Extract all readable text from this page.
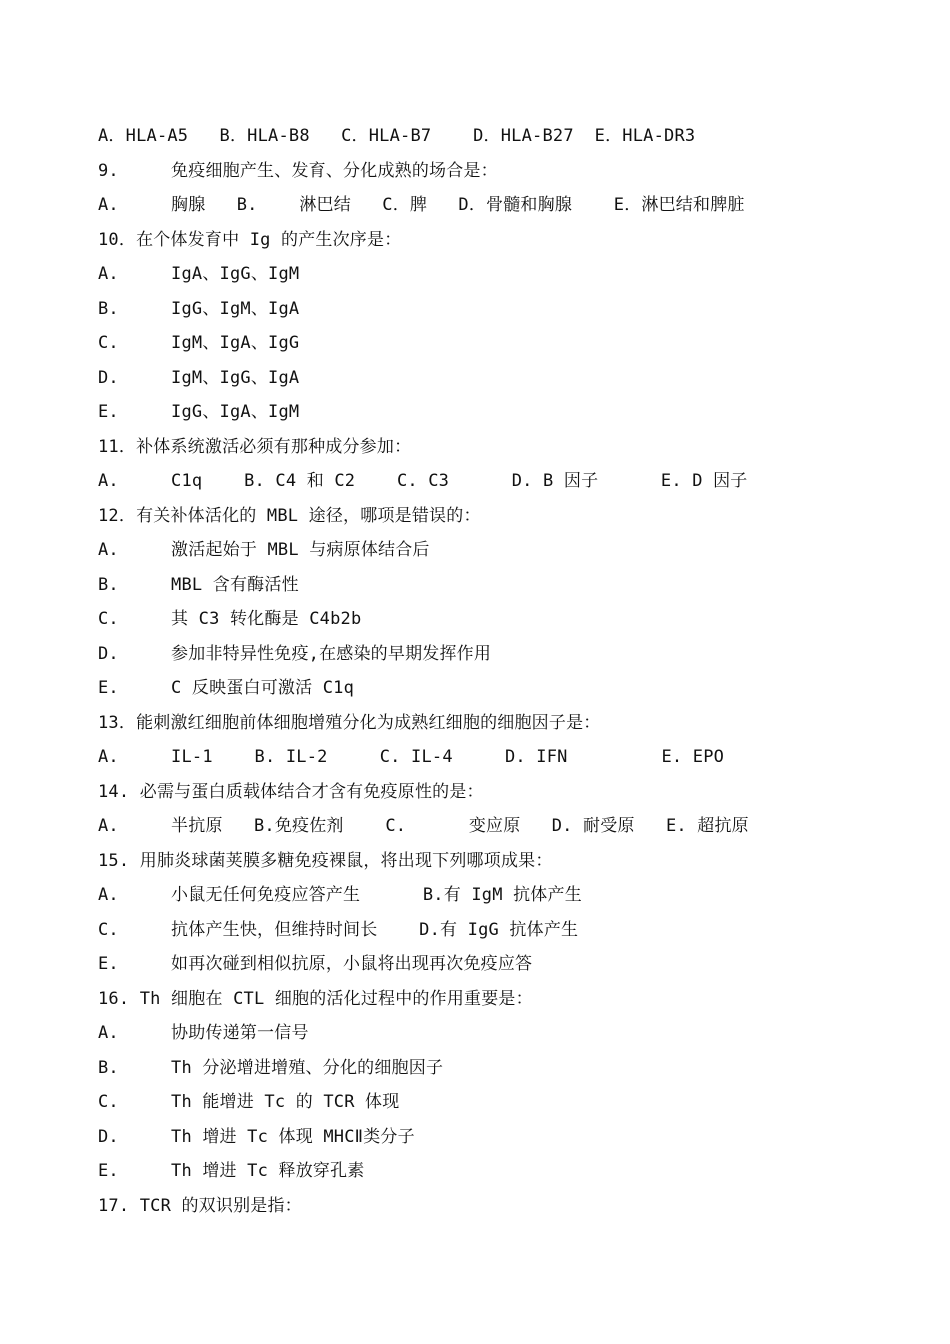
A．HLA-A5   B．HLA-B8   C．HLA-B7    D．HLA-B27  E．HLA-DR3
9.     免疫细胞产生、发育、分化成熟的场合是：
A.     胸腺   B.    淋巴结   C．脾   D．骨髓和胸腺    E．淋巴结和脾脏
10．在个体发育中 Ig 的产生次序是：
A.     IgA、IgG、IgM
B.     IgG、IgM、IgA
C.     IgM、IgA、IgG
D.     IgM、IgG、IgA
E.     IgG、IgA、IgM
11．补体系统激活必须有那种成分参加：
A.     C1q    B. C4 和 C2    C. C3      D. B 因子      E. D 因子
12．有关补体活化的 MBL 途径，哪项是错误的：
A.     激活起始于 MBL 与病原体结合后
B.     MBL 含有酶活性
C.     其 C3 转化酶是 C4b2b
D.     参加非特异性免疫,在感染的早期发挥作用
E.     C 反映蛋白可激活 C1q
13．能刺激红细胞前体细胞增殖分化为成熟红细胞的细胞因子是：
A.     IL-1    B. IL-2     C. IL-4     D. IFN         E. EPO
14. 必需与蛋白质载体结合才含有免疫原性的是：
A.     半抗原   B.免疫佐剂    C.      变应原   D. 耐受原   E. 超抗原
15. 用肺炎球菌荚膜多糖免疫裸鼠，将出现下列哪项成果：
A.     小鼠无任何免疫应答产生      B.有 IgM 抗体产生
C.     抗体产生快，但维持时间长    D.有 IgG 抗体产生
E.     如再次碰到相似抗原，小鼠将出现再次免疫应答
16. Th 细胞在 CTL 细胞的活化过程中的作用重要是：
A.     协助传递第一信号
B.     Th 分泌增进增殖、分化的细胞因子
C.     Th 能增进 Tc 的 TCR 体现
D.     Th 增进 Tc 体现 MHCⅡ类分子
E.     Th 增进 Tc 释放穿孔素
17. TCR 的双识别是指：
